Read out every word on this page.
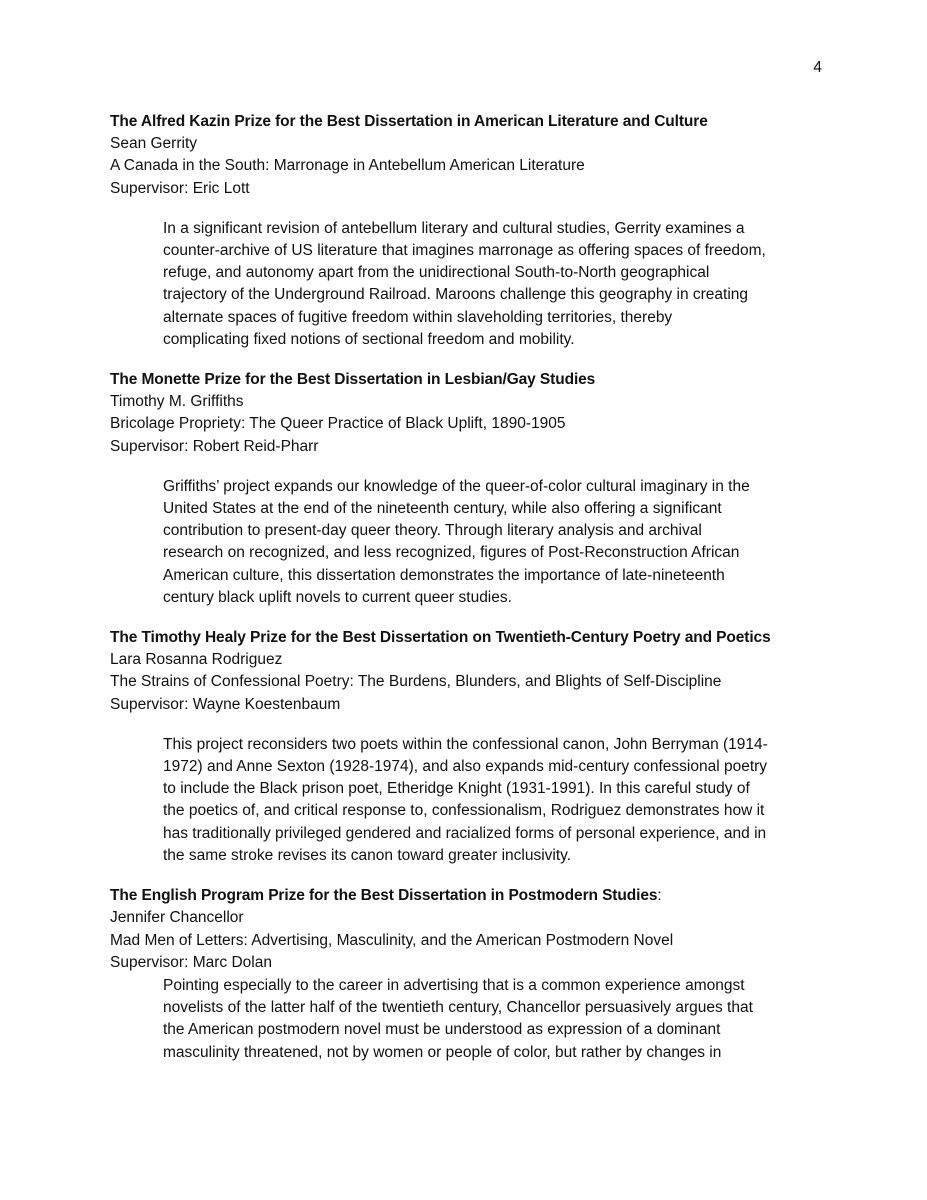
4
The Alfred Kazin Prize for the Best Dissertation in American Literature and Culture
Sean Gerrity
A Canada in the South: Marronage in Antebellum American Literature
Supervisor: Eric Lott
In a significant revision of antebellum literary and cultural studies, Gerrity examines a
counter-archive of US literature that imagines marronage as offering spaces of freedom,
refuge, and autonomy apart from the unidirectional South-to-North geographical
trajectory of the Underground Railroad. Maroons challenge this geography in creating
alternate spaces of fugitive freedom within slaveholding territories, thereby
complicating fixed notions of sectional freedom and mobility.
The Monette Prize for the Best Dissertation in Lesbian/Gay Studies
Timothy M. Griffiths
Bricolage Propriety: The Queer Practice of Black Uplift, 1890-1905
Supervisor: Robert Reid-Pharr
Griffiths’ project expands our knowledge of the queer-of-color cultural imaginary in the
United States at the end of the nineteenth century, while also offering a significant
contribution to present-day queer theory. Through literary analysis and archival
research on recognized, and less recognized, figures of Post-Reconstruction African
American culture, this dissertation demonstrates the importance of late-nineteenth
century black uplift novels to current queer studies.
The Timothy Healy Prize for the Best Dissertation on Twentieth-Century Poetry and Poetics
Lara Rosanna Rodriguez
The Strains of Confessional Poetry: The Burdens, Blunders, and Blights of Self-Discipline
Supervisor: Wayne Koestenbaum
This project reconsiders two poets within the confessional canon, John Berryman (1914-
1972) and Anne Sexton (1928-1974), and also expands mid-century confessional poetry
to include the Black prison poet, Etheridge Knight (1931-1991). In this careful study of
the poetics of, and critical response to, confessionalism, Rodriguez demonstrates how it
has traditionally privileged gendered and racialized forms of personal experience, and in
the same stroke revises its canon toward greater inclusivity.
The English Program Prize for the Best Dissertation in Postmodern Studies:
Jennifer Chancellor
Mad Men of Letters: Advertising, Masculinity, and the American Postmodern Novel
Supervisor: Marc Dolan
Pointing especially to the career in advertising that is a common experience amongst
novelists of the latter half of the twentieth century, Chancellor persuasively argues that
the American postmodern novel must be understood as expression of a dominant
masculinity threatened, not by women or people of color, but rather by changes in
